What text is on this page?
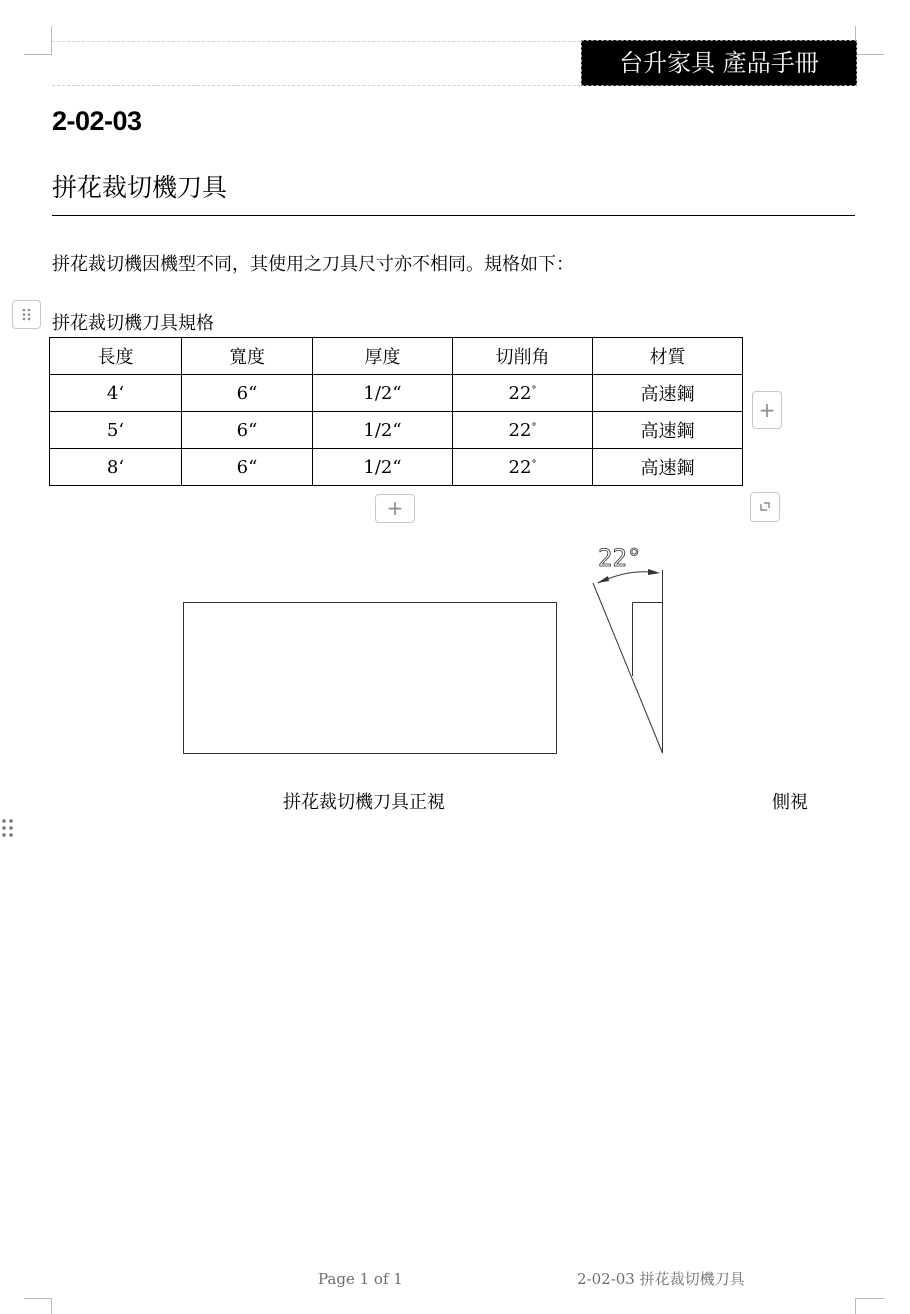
台升家具 產品手冊
2-02-03
拼花裁切機刀具
拼花裁切機因機型不同，其使用之刀具尺寸亦不相同。規格如下：
拼花裁切機刀具規格
長度	寬度	厚度	切削角	材質
4‘	6“	1/2“	22°	高速鋼
5‘	6“	1/2“	22°	高速鋼
8‘	6“	1/2“	22°	高速鋼
+
+
22°
拼花裁切機刀具正視	側視
Page 1 of 1	2-02-03 拼花裁切機刀具
